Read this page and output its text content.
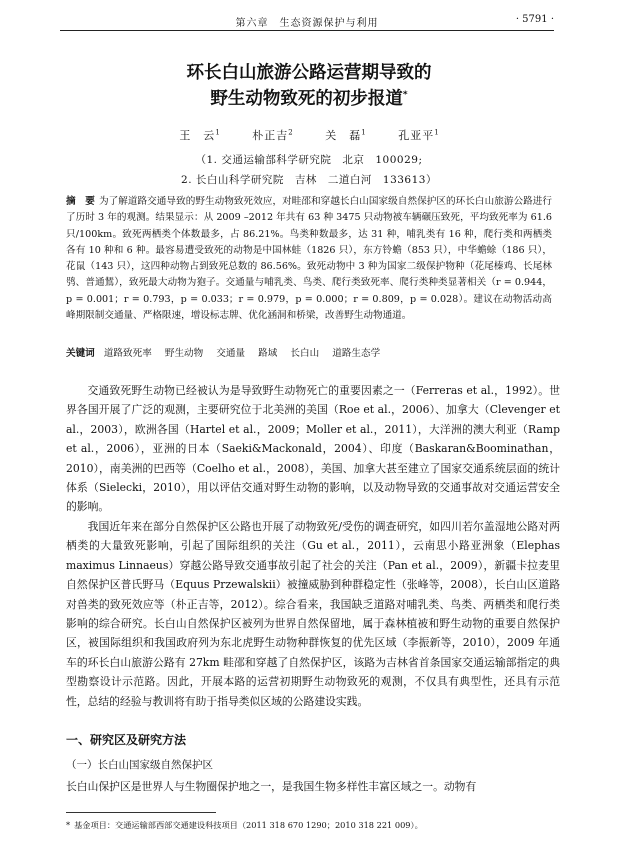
第六章　生态资源保护与利用	· 5791 ·
环长白山旅游公路运营期导致的
野生动物致死的初步报道*
王　云$^1$	朴正吉$^2$	关　磊$^1$	孔亚平$^1$
（1. 交通运输部科学研究院　北京　100029;
2. 长白山科学研究院　吉林　二道白河　133613）
摘　要 为了解道路交通导致的野生动物致死效应，对畦邵和穿越长白山国家级自然保护区的环长白山旅游公路进行了历时 3 年的观测。结果显示：从 2009 –2012 年共有 63 种 3475 只动物被车辆碾压致死，平均致死率为 61.6 只/100km。致死两栖类个体数最多，占 86.21%。鸟类种数最多，达 31 种，哺乳类有 16 种，爬行类和两栖类各有 10 种和 6 种。最容易遭受致死的动物是中国林蛙（1826 只），东方铃蟾（853 只），中华蟾蜍（186 只），花鼠（143 只），这四种动物占到致死总数的 86.56%。致死动物中 3 种为国家二级保护物种（花尾榛鸡、长尾林鸮、普通鵟），致死最大动物为狍子。交通量与哺乳类、鸟类、爬行类致死率、爬行类种类显著相关（r = 0.944，p = 0.001；r = 0.793，p = 0.033；r = 0.979，p = 0.000；r = 0.809，p = 0.028）。建议在动物活动高峰期限制交通量、严格限速，增设标志牌、优化涵洞和桥梁，改善野生动物通道。
关键词 道路致死率 野生动物 交通量 路域 长白山 道路生态学

交通致死野生动物已经被认为是导致野生动物死亡的重要因素之一（Ferreras et al.，1992）。世界各国开展了广泛的观测，主要研究位于北美洲的美国（Roe et al.，2006）、加拿大（Clevenger et al.，2003），欧洲各国（Hartel et al.，2009；Moller et al.，2011），大洋洲的澳大利亚（Ramp et al.，2006），亚洲的日本（Saeki&Mackonald，2004）、印度（Baskaran&Boominathan，2010），南美洲的巴西等（Coelho et al.，2008），美国、加拿大甚至建立了国家交通系统层面的统计体系（Sielecki，2010），用以评估交通对野生动物的影响，以及动物导致的交通事故对交通运营安全的影响。

我国近年来在部分自然保护区公路也开展了动物致死/受伤的调查研究，如四川若尔盖湿地公路对两栖类的大量致死影响，引起了国际组织的关注（Gu et al.，2011），云南思小路亚洲象（Elephas maximus Linnaeus）穿越公路导致交通事故引起了社会的关注（Pan et al.，2009），新疆卡拉麦里自然保护区普氏野马（Equus Przewalskii）被撞威胁到种群稳定性（张峰等，2008），长白山区道路对兽类的致死效应等（朴正吉等，2012）。综合看来，我国缺乏道路对哺乳类、鸟类、两栖类和爬行类影响的综合研究。长白山自然保护区被列为世界自然保留地，属于森林植被和野生动物的重要自然保护区，被国际组织和我国政府列为东北虎野生动物种群恢复的优先区域（李振新等，2010），2009 年通车的环长白山旅游公路有 27km 畦邵和穿越了自然保护区，该路为吉林省首条国家交通运输部指定的典型勘察设计示范路。因此，开展本路的运营初期野生动物致死的观测，不仅具有典型性，还具有示范性，总结的经验与教训将有助于指导类似区域的公路建设实践。

一、研究区及研究方法
（一）长白山国家级自然保护区
长白山保护区是世界人与生物圈保护地之一，是我国生物多样性丰富区域之一。动物有
* 基金项目：交通运输部西部交通建设科技项目（2011 318 670 1290；2010 318 221 009）。
